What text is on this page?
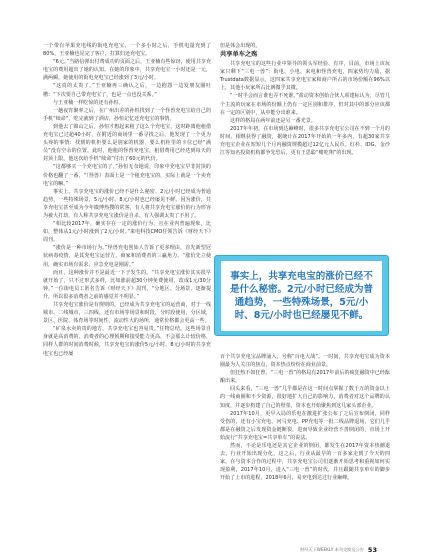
一个带有苹果充电线的街电充电宝，一个多小时之后，手机电量充到了80%，王亚楠也见完了客户，打算归还充电宝。

“6元。”当路信弹出付费成功的页面之后，王亚楠有些惊讶，使用共享充电宝的费用超出了她的认知。在她的印象中，共享充电宝一小时还是一元，满两瞬，她使用的街电充电宝已经涨到了3元/小时。

“这真的太贵了。”王亚楠再三确认之后，一边抱怨一边发朋友圈吐槽：“下次要自己带充电宝了，也是一点也没关系。”

与王亚楠一样吃惊的还有孙恒。

一趟夜宵聚率之后，在广州出差的孙恒找到了一个怪兽充电宝给自己的手机“续命”，吃完就到了酒店，孙恒记忆还充电宝的事情。

到他去了锦山之后，孙恒才想起来租了这么个充电宝，这时距离他租借充电宝已过超40小时，在附近的商场里一番寻找之后，他发现了一个更为头疼的事情：找到的机柜要么是别家的机器，要么机柜里的卡位已经“满员”没有空余的位置。此时，他租的怪兽充电宝，租借费用已经达到每天的封顶上限，他这次给手机“续命”付出了60元的代价。

“这都够买一个充电宝的了，”孙恒无奈地说，印象中充电宝早非封顶的价格也翻了一番，“（怪兽）表面上是一个租充电宝的，实际上就是一个卖充电宝的嘛。”

事实上，共享充电宝的涨价已经不是什么秘密。2元/小时已经成为普通趋势，一些特殊场景，5元/小时、8元/小时也已经屡见不鲜。因为涨价，共享充电宝甚至成为今年微博热搜的常客，有人将共享充电宝涨价的行为形容为被大打劫，有人称共享充电宝涨价是自杀，有人强调太贵了不用了。

“相比较2017年，确实存在一定的涨价行为，且在业内普遍现象，比如，整体从1元/小时涨到了2元/小时。”来电科技CMO任领告诉《财经天下》周刊。

“涨价是一种市场行为。”怪兽充电创始人告诉了更多理由，首先新型冠状病毒疫情，是其充电宝运营方，商家和消费者的三赢角力。“涨价先立使用，确实市场有需求，应急充电是刚需。”

而且，这种涨价并不是最近一下子发生的。“共享充电宝涨价其实很早就开始了，只不过形式多样，比如涨前超30分钟免费使用，改成1元/30分钟。”一位街电员工匿名告诉《财经天下》周刊，“分地区、分场景、逐渐提升，所以很多消费者之前的感觉并不明显。”

共享充电宝涨价是有规则的，已经成为共享充电宝的运营商，对于一线城市、二线城市，三四线，还有市场等场景和时段，分时段使用，分区域，景区、医院、体育场等时间性，流动性大的场所，通常价格都会更高一些。

“矿泉水卖的贵的地方，共享充电宝也容易贵。”任物总结，这些场景自身就是高消费的，消费者的心理预期和接受能力更高，不会那么计较价格，同样人群的时间消费时候，共享充电宝的涨价5元/小时、8元/小时的共享充电宝也已经屡

但是体会出现的。

共享单车之殇

共享充电宝的这些行业中领导的领头军经验、有序，目前，市场上该玩家只剩下“三电一兽”：街电、小电、来电和怪兽充电，四家势均力敌，据Trustdata数据显示，这四家共享充电宝家和商户所占的市场份额在96%以上，其他小玩家所占比例微乎其微。

“一时半会而言谁也弄不死谁。”盈动资本创始合伙人项建标认为，尽管几个主流的玩家在市场的份额上仍有一定区别和排序，但对其中的部分应该都在一定的区别中，从中能分出谁来。

这样的格局在两年前还是另一番光景。

2017年年初，在市场到达巅峰时，很多共享充电宝公司在不到一个月的时间，相继获得了融资，据统计在2017年开始的一年多内，有超30家共享充电宝企业在短短几个月内融资规模超过12亿元人民币。红杉、IDG、金沙江等知名投资机构都争先恐后，更有王思聪“赌吃翔”的出现。

事实上，共享充电宝的涨价已经不是什么秘密。2元/小时已经成为普通趋势，一些特殊场景，5元/小时、8元/小时也已经屡见不鲜。

百个共享充电宝品牌涌入，号称“百电大战”。一时间，共享充电宝成为资本圈最为人关注的焦点，资本热点纷纷在商业前景。

但狂热不如狂曾。“三电一兽”的格局有2017年前后的疯狂融资中已经酝酿出来。

回头来看，“三电一兽”几乎都是在这一时间点掌握了数千万的资金以上的一线商圈和不少资源，很好地扩大自己的影响力，消费者对这个品牌的认知度，并逐步构建了自己的壁垒，资本也开始聚焦到这几家头部企业。

2017年10月，更早入局的乐电在激进扩张公布了之后宣布倒闭，同样受伤的，还有小宝充电、河马充电、PP充电等一批二线品牌退场，它们几乎都是在融资之后发现资金链断裂，进而导致企业经营不善倒闭的，市场上开始流行“共享充电宝=共享单车”的说法。

然而，不论是乐电还是其它企业的倒闭，都发生在2017年资本热潮退去，行业开始出现分化，这之后，行业从最早的一百多家走到了今天的四家，在与资本合作的过程中，共享充电宝公司们逐渐开始思考和重视如何实现盈利，2017年10月，进入“三电一兽”的时代，并且跟随共享单车的脚步开始了上市的进程，2018年6月，易充电到达过行业巅峰。

财经天下WEEKLY 本刊交换及公告 53
